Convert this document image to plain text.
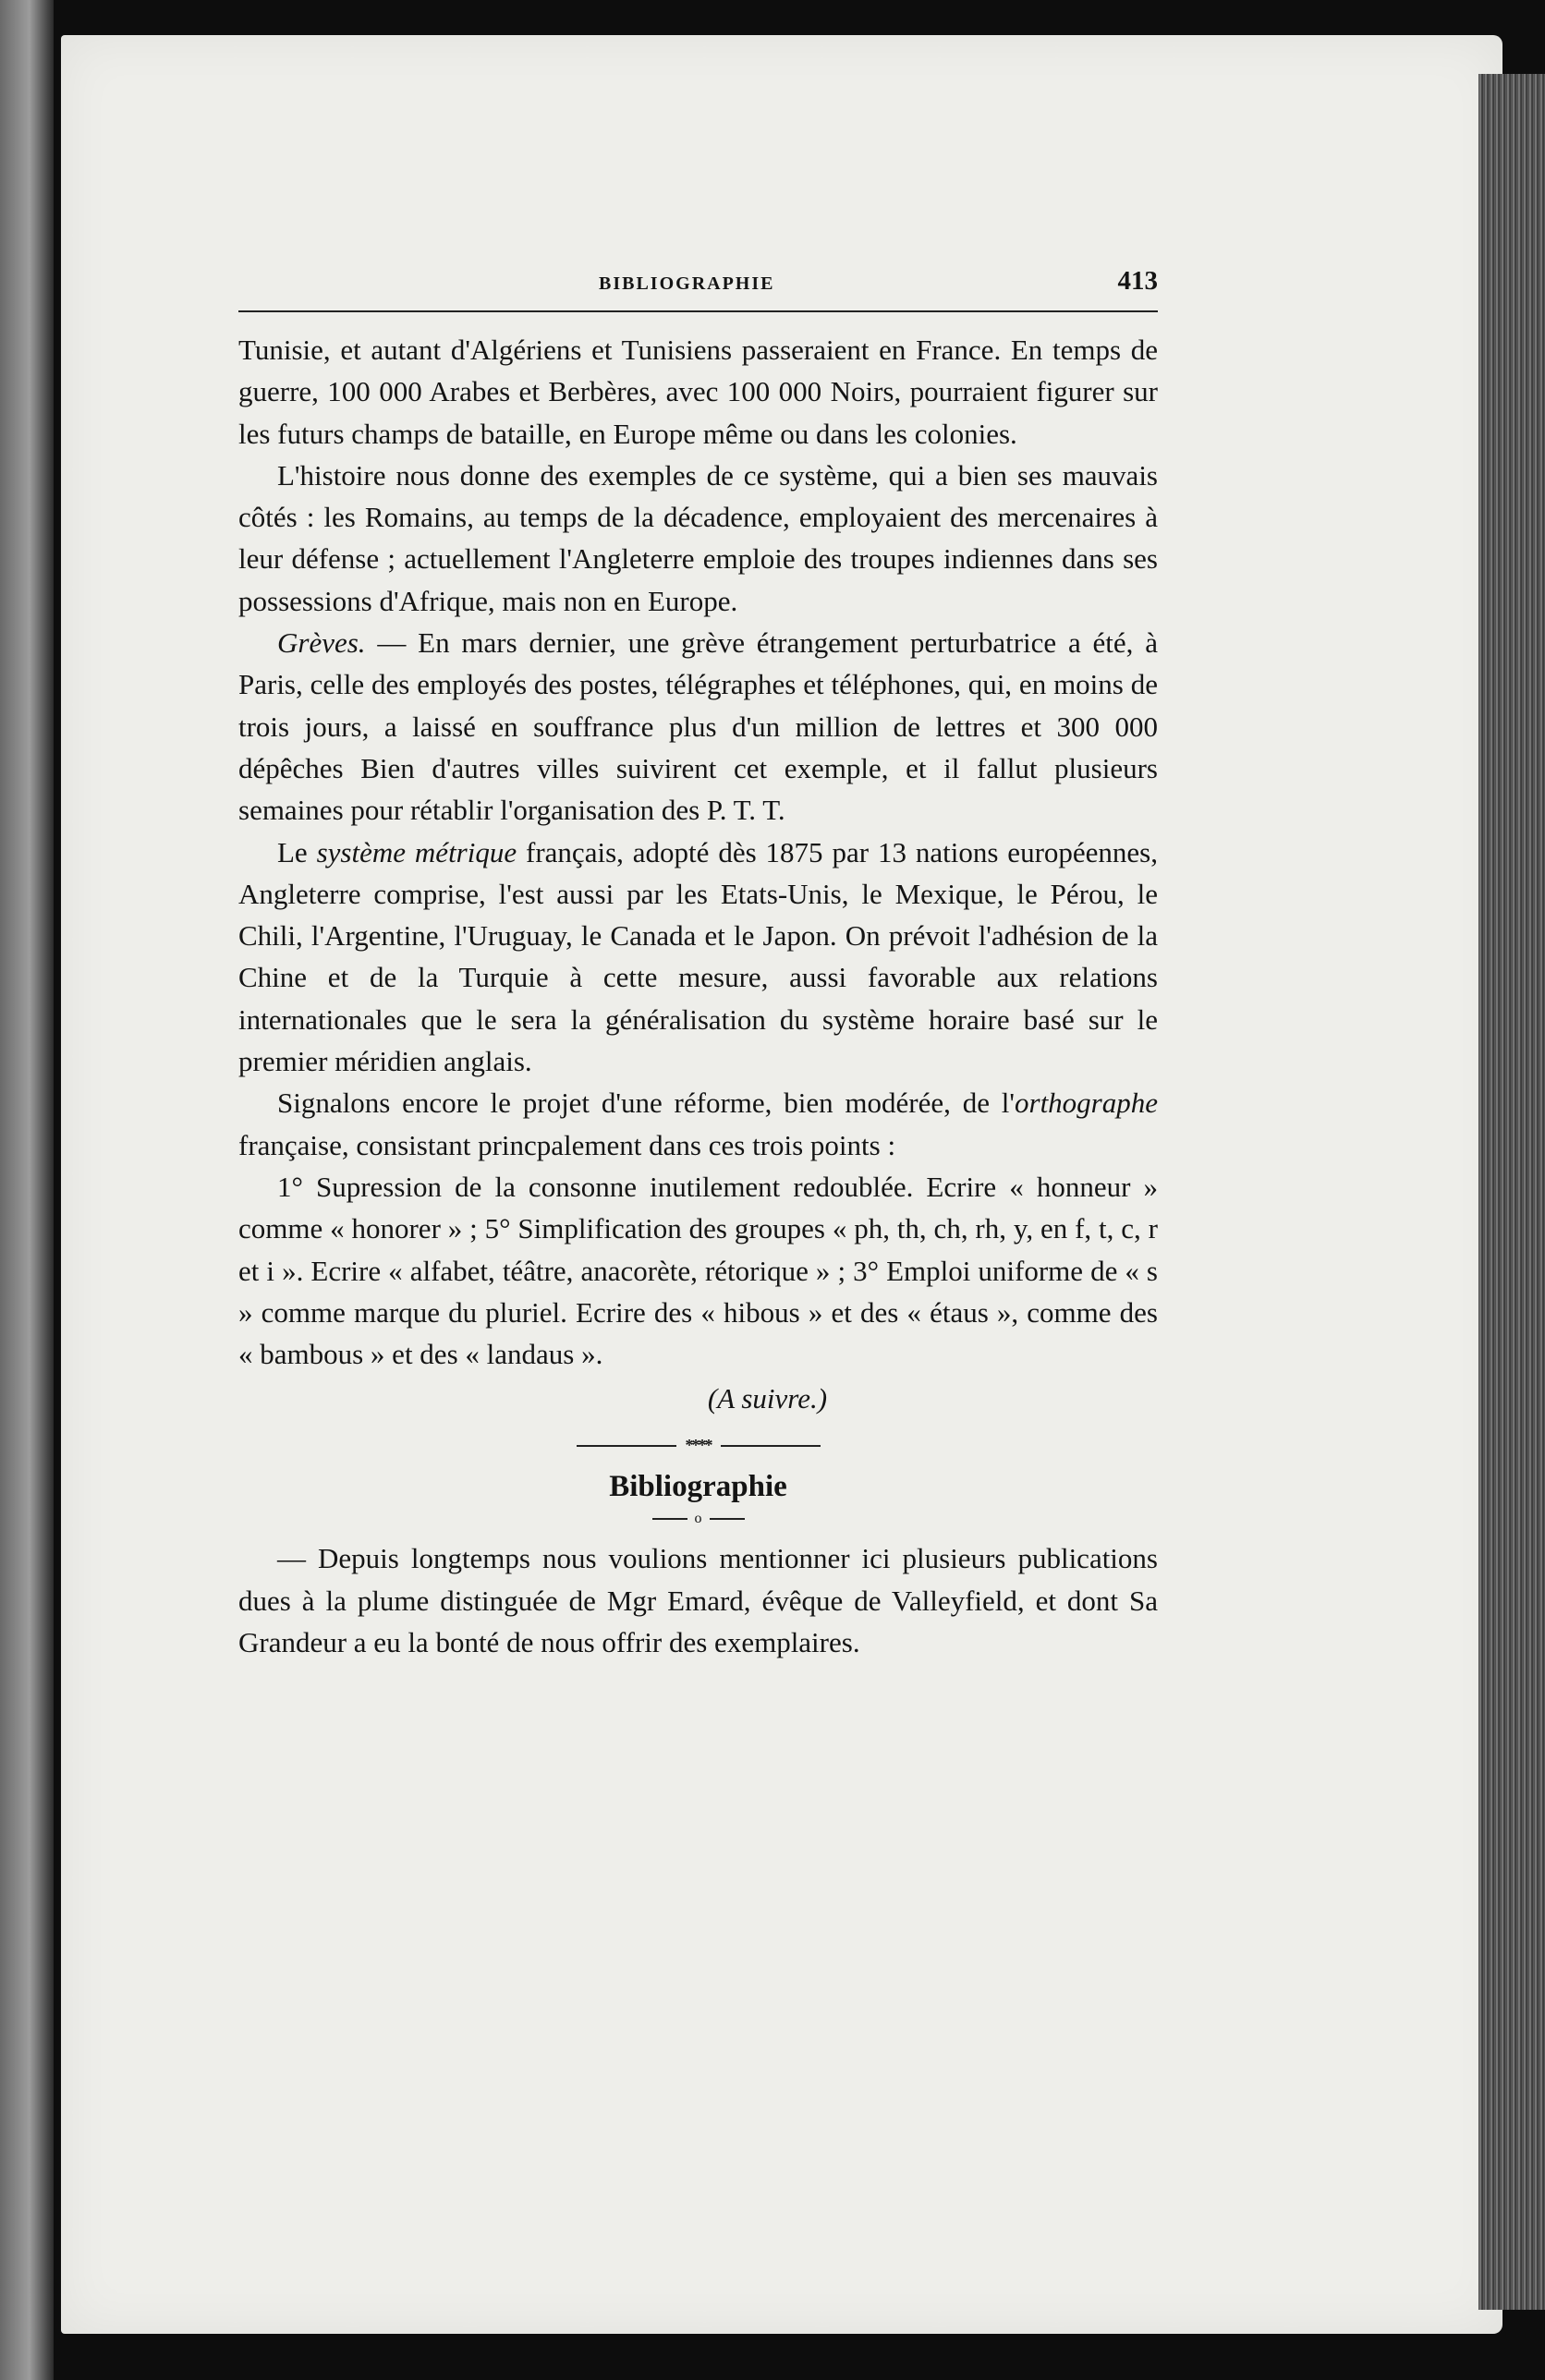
BIBLIOGRAPHIE	413

Tunisie, et autant d'Algériens et Tunisiens passeraient en France. En temps de guerre, 100 000 Arabes et Berbères, avec 100 000 Noirs, pourraient figurer sur les futurs champs de bataille, en Europe même ou dans les colonies.

L'histoire nous donne des exemples de ce système, qui a bien ses mauvais côtés : les Romains, au temps de la décadence, employaient des mercenaires à leur défense ; actuellement l'Angleterre emploie des troupes indiennes dans ses possessions d'Afrique, mais non en Europe.

Grèves. — En mars dernier, une grève étrangement perturbatrice a été, à Paris, celle des employés des postes, télégraphes et téléphones, qui, en moins de trois jours, a laissé en souffrance plus d'un million de lettres et 300 000 dépêches Bien d'autres villes suivirent cet exemple, et il fallut plusieurs semaines pour rétablir l'organisation des P. T. T.

Le système métrique français, adopté dès 1875 par 13 nations européennes, Angleterre comprise, l'est aussi par les Etats-Unis, le Mexique, le Pérou, le Chili, l'Argentine, l'Uruguay, le Canada et le Japon. On prévoit l'adhésion de la Chine et de la Turquie à cette mesure, aussi favorable aux relations internationales que le sera la généralisation du système horaire basé sur le premier méridien anglais.

Signalons encore le projet d'une réforme, bien modérée, de l'orthographe française, consistant princpalement dans ces trois points :

1° Supression de la consonne inutilement redoublée. Ecrire « honneur » comme « honorer » ; 5° Simplification des groupes « ph, th, ch, rh, y, en f, t, c, r et i ». Ecrire « alfabet, téâtre, anacorète, rétorique » ; 3° Emploi uniforme de « s » comme marque du pluriel. Ecrire des « hibous » et des « étaus », comme des « bambous » et des « landaus ».

(A suivre.)
****
Bibliographie
o

— Depuis longtemps nous voulions mentionner ici plusieurs publications dues à la plume distinguée de Mgr Emard, évêque de Valleyfield, et dont Sa Grandeur a eu la bonté de nous offrir des exemplaires.
